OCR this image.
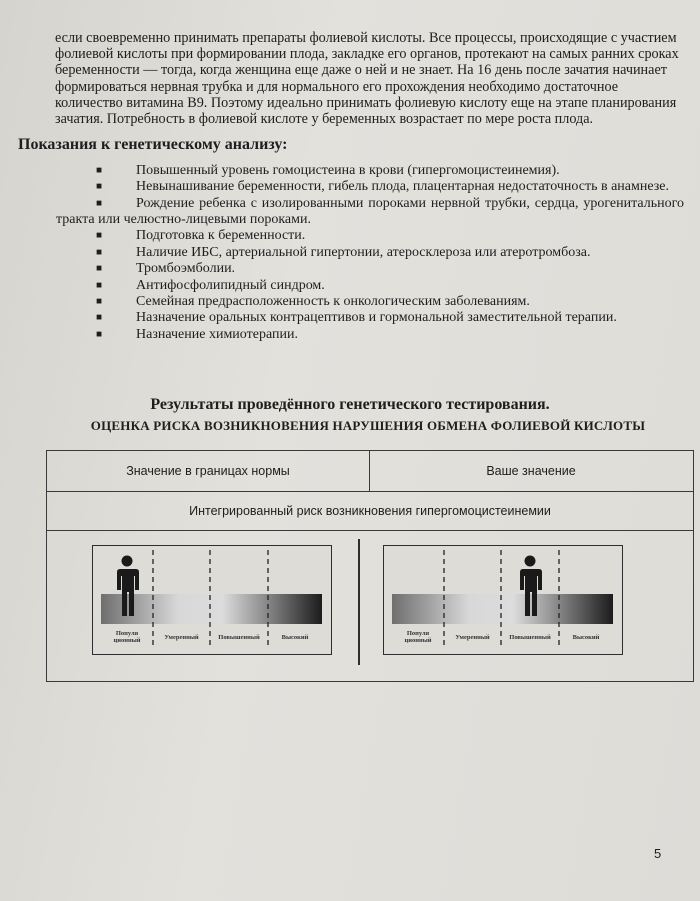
если своевременно принимать препараты фолиевой кислоты. Все процессы, происходящие с участием

фолиевой кислоты при формировании плода, закладке его органов, протекают на самых ранних сроках

беременности — тогда, когда женщина еще даже о ней и не знает. На 16 день после зачатия начинает

формироваться нервная трубка и для нормального его прохождения необходимо достаточное

количество витамина В9. Поэтому идеально принимать фолиевую кислоту еще на этапе планирования

зачатия. Потребность в фолиевой кислоте у беременных возрастает по мере роста плода.

Показания к генетическому анализу:
■ Повышенный уровень гомоцистеина в крови (гипергомоцистеинемия).
■ Невынашивание беременности, гибель плода, плацентарная недостаточность в анамнезе.
■ Рождение ребенка с изолированными пороками нервной трубки, сердца, урогенитального тракта или челюстно-лицевыми пороками.
■ Подготовка к беременности.
■ Наличие ИБС, артериальной гипертонии, атеросклероза или атеротромбоза.
■ Тромбоэмболии.
■ Антифосфолипидный синдром.
■ Семейная предрасположенность к онкологическим заболеваниям.
■ Назначение оральных контрацептивов и гормональной заместительной терапии.
■ Назначение химиотерапии.
Результаты проведённого генетического тестирования.
ОЦЕНКА РИСКА ВОЗНИКНОВЕНИЯ НАРУШЕНИЯ ОБМЕНА ФОЛИЕВОЙ КИСЛОТЫ
Значение в границах нормы	Ваше значение
Интегрированный риск возникновения гипергомоцистеинемии
Популя ционный	Умеренный	Повышенный	Высокий
Популя ционный	Умеренный	Повышенный	Высокий
5
